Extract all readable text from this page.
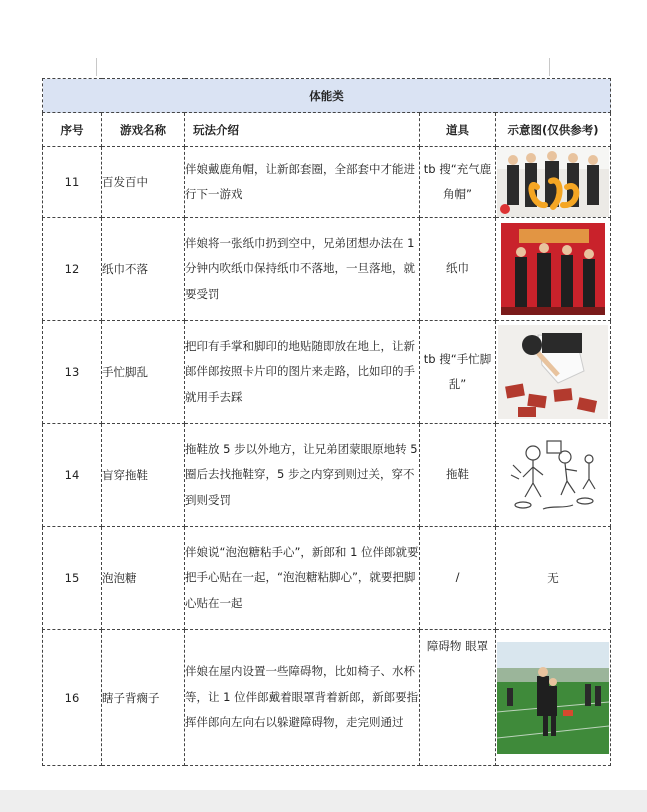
体能类				
序号	游戏名称	玩法介绍	道具	示意图(仅供参考)
11	百发百中	伴娘戴鹿角帽，让新郎套圈，全部套中才能进行下一游戏	tb 搜“充气鹿角帽”	

12	纸巾不落	伴娘将一张纸巾扔到空中，兄弟团想办法在 1 分钟内吹纸巾保持纸巾不落地，一旦落地，就要受罚	纸巾	

13	手忙脚乱	把印有手掌和脚印的地贴随即放在地上，让新郎伴郎按照卡片印的图片来走路，比如印的手就用手去踩	tb 搜“手忙脚乱”	

14	盲穿拖鞋	拖鞋放 5 步以外地方，让兄弟团蒙眼原地转 5 圈后去找拖鞋穿，5 步之内穿到则过关，穿不到则受罚	拖鞋	

15	泡泡糖	伴娘说“泡泡糖粘手心”，新郎和 1 位伴郎就要把手心贴在一起，“泡泡糖粘脚心”，就要把脚心贴在一起	/	无
16	瞎子背瘸子	伴娘在屋内设置一些障碍物，比如椅子、水杯等，让 1 位伴郎戴着眼罩背着新郎，新郎要指挥伴郎向左向右以躲避障碍物，走完则通过	障碍物 眼罩	
